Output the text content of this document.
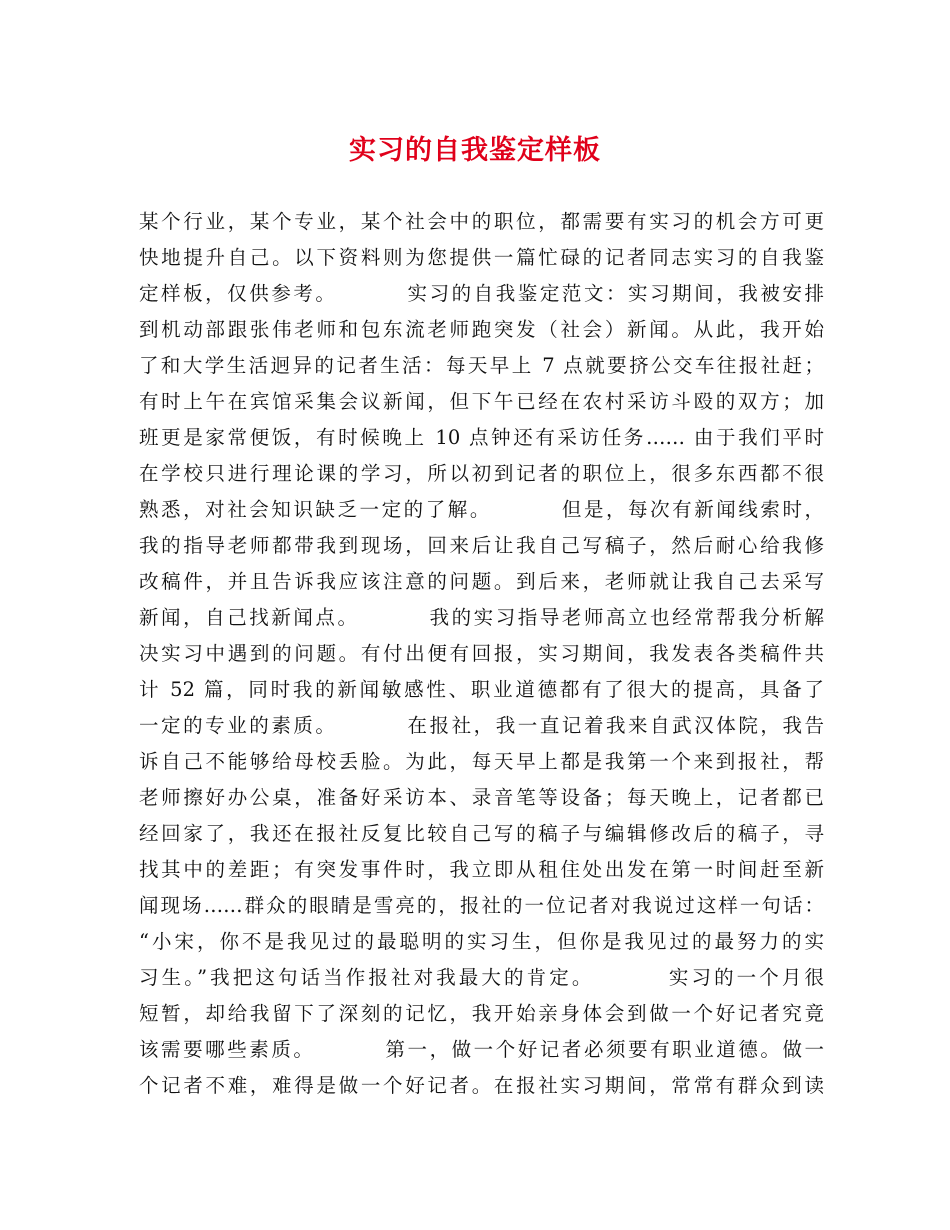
实习的自我鉴定样板
某个行业，某个专业，某个社会中的职位，都需要有实习的机会方可更
快地提升自己。以下资料则为您提供一篇忙碌的记者同志实习的自我鉴
定样板，仅供参考。        实习的自我鉴定范文：实习期间，我被安排
到机动部跟张伟老师和包东流老师跑突发（社会）新闻。从此，我开始
了和大学生活迥异的记者生活：每天早上 7 点就要挤公交车往报社赶；
有时上午在宾馆采集会议新闻，但下午已经在农村采访斗殴的双方；加
班更是家常便饭，有时候晚上 10 点钟还有采访任务…… 由于我们平时
在学校只进行理论课的学习，所以初到记者的职位上，很多东西都不很
熟悉，对社会知识缺乏一定的了解。        但是，每次有新闻线索时，
我的指导老师都带我到现场，回来后让我自己写稿子，然后耐心给我修
改稿件，并且告诉我应该注意的问题。到后来，老师就让我自己去采写
新闻，自己找新闻点。        我的实习指导老师高立也经常帮我分析解
决实习中遇到的问题。有付出便有回报，实习期间，我发表各类稿件共
计 52 篇，同时我的新闻敏感性、职业道德都有了很大的提高，具备了
一定的专业的素质。        在报社，我一直记着我来自武汉体院，我告
诉自己不能够给母校丢脸。为此，每天早上都是我第一个来到报社，帮
老师擦好办公桌，准备好采访本、录音笔等设备；每天晚上，记者都已
经回家了，我还在报社反复比较自己写的稿子与编辑修改后的稿子，寻
找其中的差距；有突发事件时，我立即从租住处出发在第一时间赶至新
闻现场……群众的眼睛是雪亮的，报社的一位记者对我说过这样一句话：
“小宋，你不是我见过的最聪明的实习生，但你是我见过的最努力的实
习生。”我把这句话当作报社对我最大的肯定。        实习的一个月很
短暂，却给我留下了深刻的记忆，我开始亲身体会到做一个好记者究竟
该需要哪些素质。        第一，做一个好记者必须要有职业道德。做一
个记者不难，难得是做一个好记者。在报社实习期间，常常有群众到读
